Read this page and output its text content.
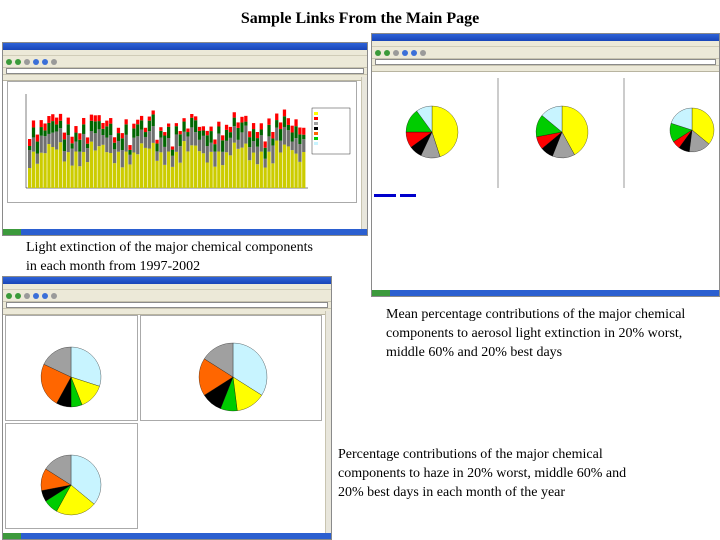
Sample Links From the Main Page
Light extinction of the major chemical components in each month from 1997-2002
Mean percentage contributions of the major chemical components to aerosol light extinction in 20% worst, middle 60% and 20% best days
Percentage contributions of the major chemical components to haze in 20% worst, middle 60% and 20% best days in each month of the year
